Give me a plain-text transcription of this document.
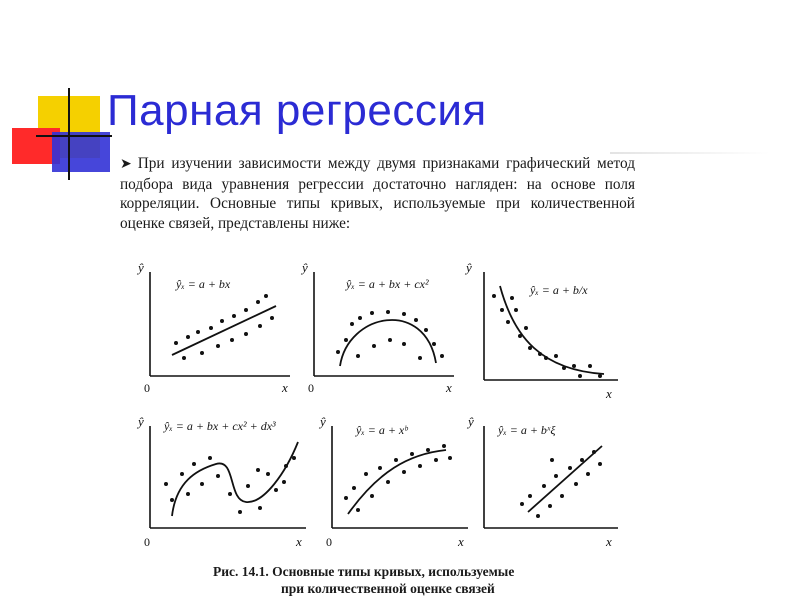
Парная регрессия

➤ При изучении зависимости между двумя признаками графический метод подбора вида уравнения регрессии достаточно нагляден: на основе поля корреляции. Основные типы кривых, используемые при количественной оценке связей, представлены ниже:

ŷ
0	x
ŷₓ = a + bx
ŷ
0	x
ŷₓ = a + bx + cx²
ŷ
x
ŷₓ = a + b/x
ŷ
0	x
ŷₓ = a + bx + cx² + dx³	ŷ
0	x
ŷₓ = a + xᵇ
ŷ
x
ŷₓ = a + bˣξ
Рис. 14.1. Основные типы кривых, используемые
при количественной оценке связей
